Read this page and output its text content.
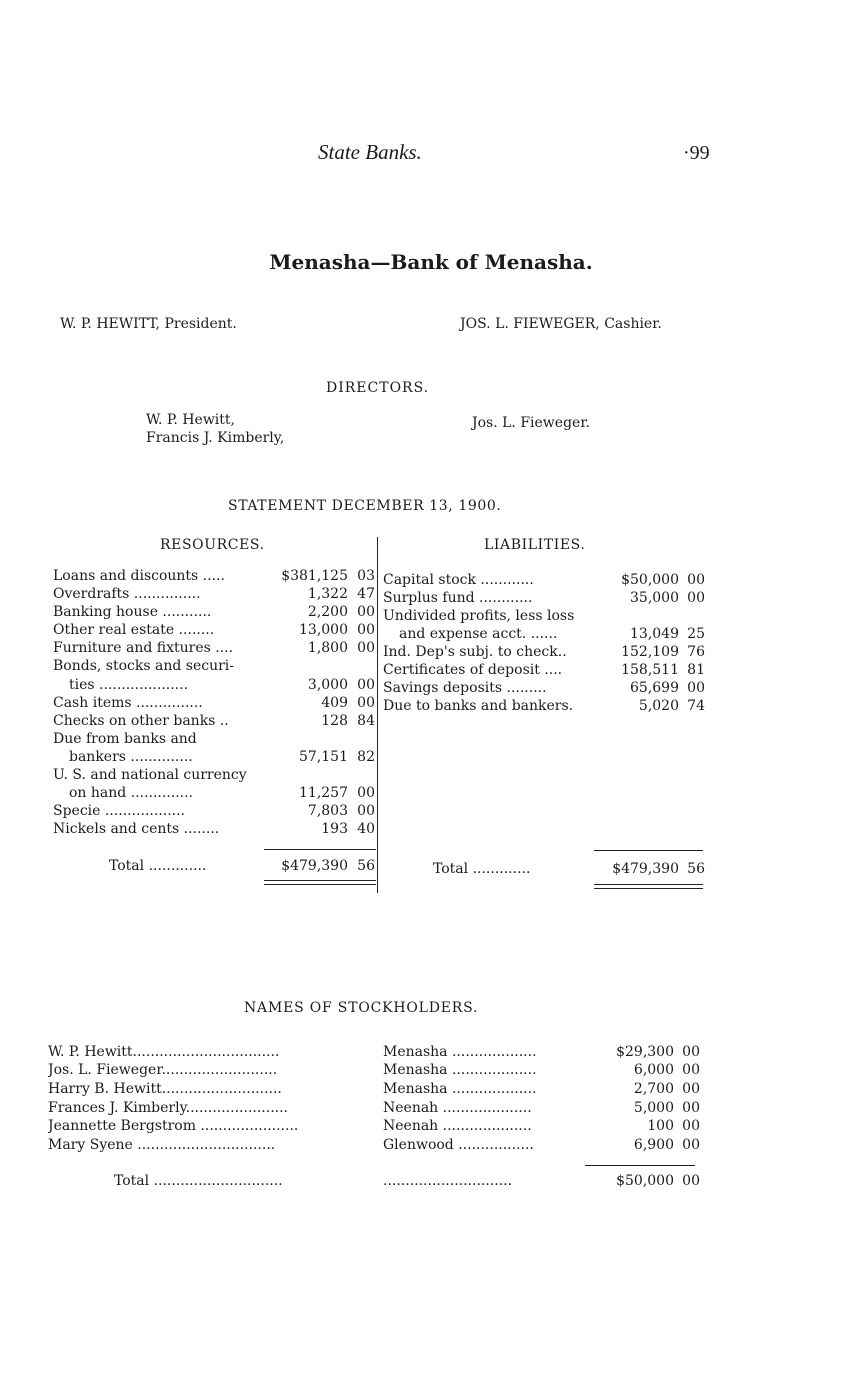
State Banks.	·99
Menasha—Bank of Menasha.
W. P. HEWITT, President.	JOS. L. FIEWEGER, Cashier.
DIRECTORS.
W. P. Hewitt,
Francis J. Kimberly,
Jos. L. Fieweger.
STATEMENT DECEMBER 13, 1900.
RESOURCES.	LIABILITIES.
Loans and discounts .....	$381,125 03
Overdrafts ...............	1,322 47
Banking house ...........	2,200 00
Other real estate ........	13,000 00
Furniture and fixtures ....	1,800 00
Bonds, stocks and securi-
ties ....................	3,000 00
Cash items ...............	409 00
Checks on other banks ..	128 84
Due from banks and
bankers ..............	57,151 82
U. S. and national currency
on hand ..............	11,257 00
Specie ..................	7,803 00
Nickels and cents ........	193 40
Total .............	$479,390 56
Capital stock ............	$50,000 00
Surplus fund ............	35,000 00
Undivided profits, less loss
and expense acct. ......	13,049 25
Ind. Dep's subj. to check..	152,109 76
Certificates of deposit ....	158,511 81
Savings deposits .........	65,699 00
Due to banks and bankers.	5,020 74
Total .............	$479,390 56
NAMES OF STOCKHOLDERS.
W. P. Hewitt.................................	Menasha ...................	$29,300 00
Jos. L. Fieweger..........................	Menasha ...................	6,000 00
Harry B. Hewitt...........................	Menasha ...................	2,700 00
Frances J. Kimberly.......................	Neenah ....................	5,000 00
Jeannette Bergstrom ......................	Neenah ....................	100 00
Mary Syene ...............................	Glenwood .................	6,900 00
Total .............................	.............................	$50,000 00
